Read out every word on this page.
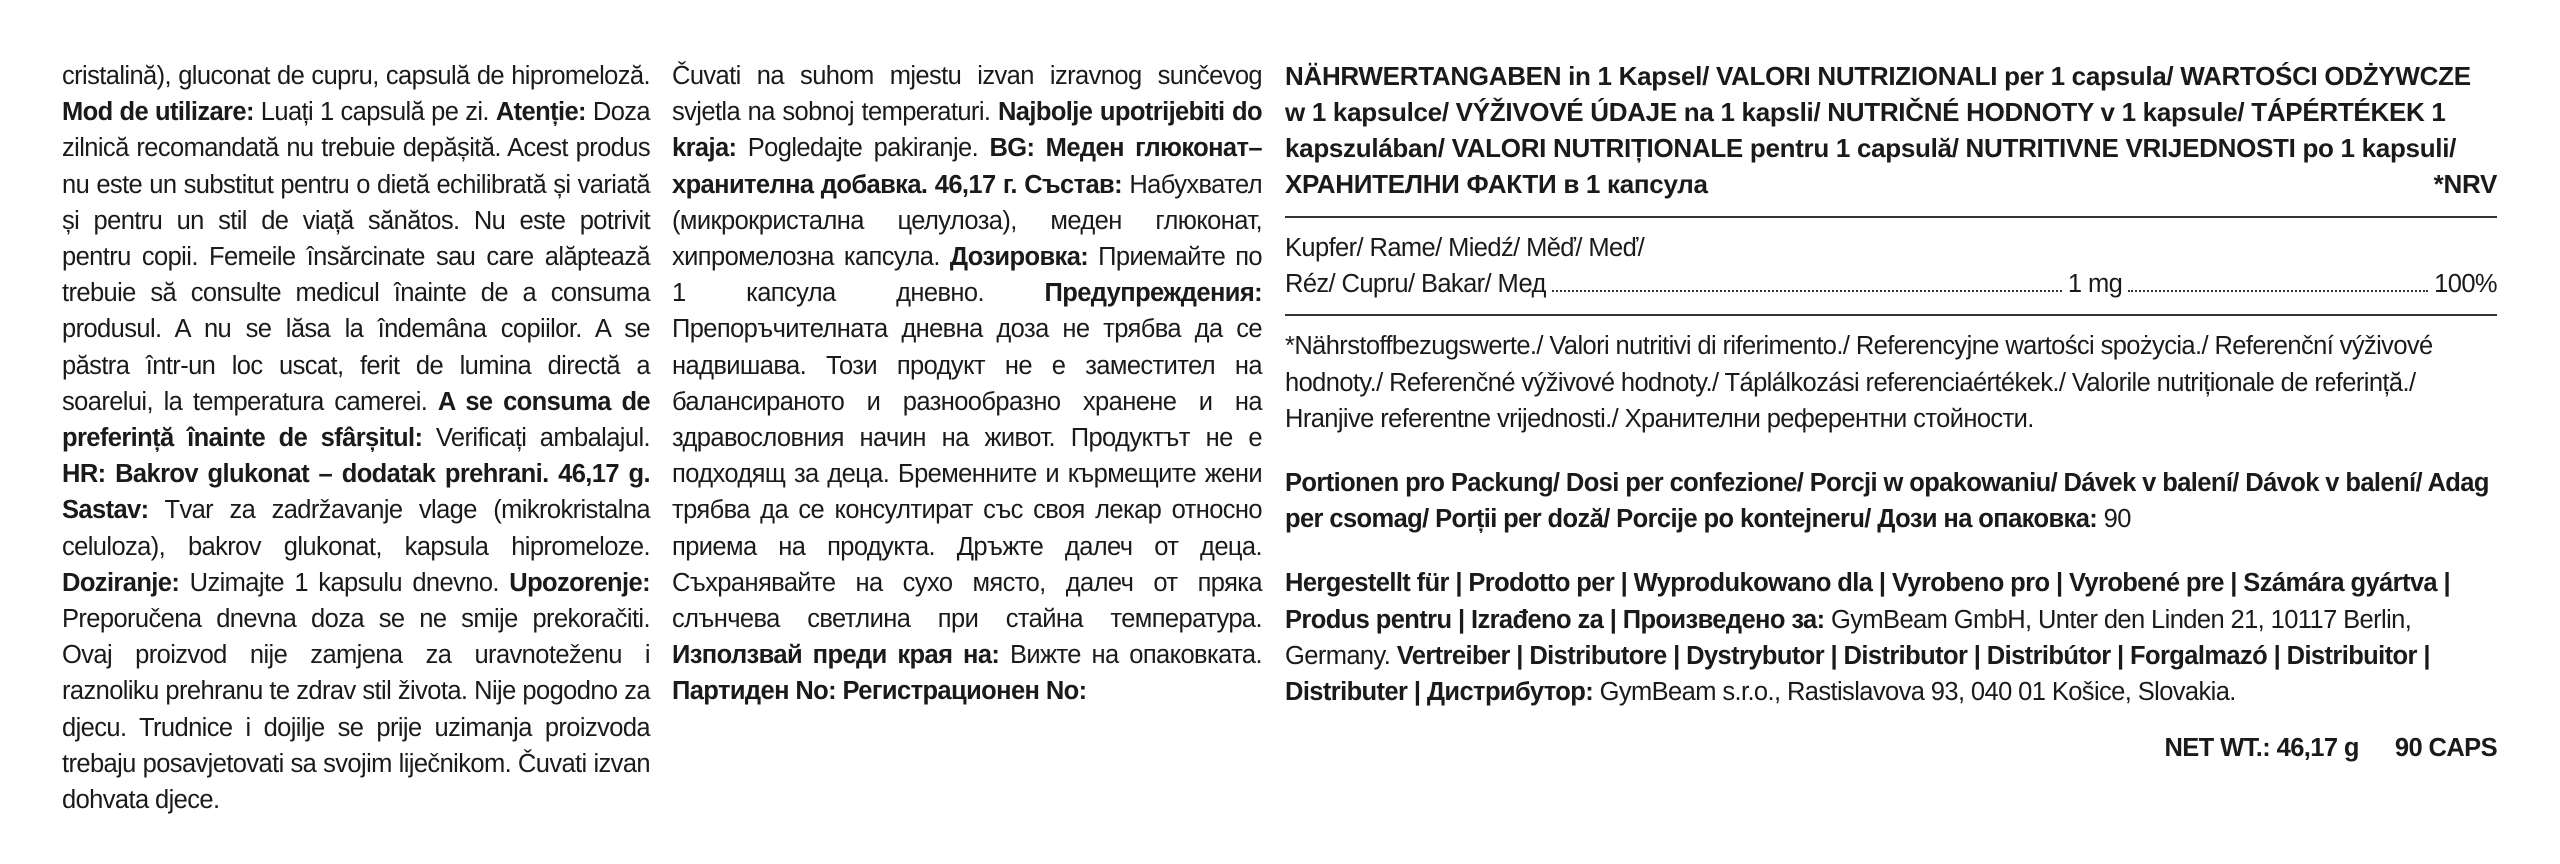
cristalină), gluconat de cupru, capsulă de hipromeloză. Mod de utilizare: Luați 1 capsulă pe zi. Atenție: Doza zilnică recomandată nu trebuie depășită. Acest produs nu este un substitut pentru o dietă echilibrată și variată și pentru un stil de viață sănătos. Nu este potrivit pentru copii. Femeile însărcinate sau care alăptează trebuie să consulte medicul înainte de a consuma produsul. A nu se lăsa la îndemâna copiilor. A se păstra într-un loc uscat, ferit de lumina directă a soarelui, la temperatura camerei. A se consuma de preferință înainte de sfârșitul: Verificați ambalajul. HR: Bakrov glukonat – dodatak prehrani. 46,17 g. Sastav: Tvar za zadržavanje vlage (mikrokristalna celuloza), bakrov glukonat, kapsula hipromeloze. Doziranje: Uzimajte 1 kapsulu dnevno. Upozorenje: Preporučena dnevna doza se ne smije prekoračiti. Ovaj proizvod nije zamjena za uravnoteženu i raznoliku prehranu te zdrav stil života. Nije pogodno za djecu. Trudnice i dojilje se prije uzimanja proizvoda trebaju posavjetovati sa svojim liječnikom. Čuvati izvan dohvata djece.
Čuvati na suhom mjestu izvan izravnog sunčevog svjetla na sobnoj temperaturi. Najbolje upotrijebiti do kraja: Pogledajte pakiranje. BG: Меден глюконат– хранителна добавка. 46,17 г. Състав: Набухвател (микрокристална целулоза), меден глюконат, хипромелозна капсула. Дозировка: Приемайте по 1 капсула дневно. Предупреждения: Препоръчителната дневна доза не трябва да се надвишава. Този продукт не е заместител на балансираното и разнообразно хранене и на здравословния начин на живот. Продуктът не е подходящ за деца. Бременните и кърмещите жени трябва да се консултират със своя лекар относно приема на продукта. Дръжте далеч от деца. Съхранявайте на сухо място, далеч от пряка слънчева светлина при стайна температура. Използвай преди края на: Вижте на опаковката. Партиден No: Регистрационен No:
NÄHRWERTANGABEN in 1 Kapsel/ VALORI NUTRIZIONALI per 1 capsula/ WARTOŚCI ODŻYWCZE w 1 kapsulce/ VÝŽIVOVÉ ÚDAJE na 1 kapsli/ NUTRIČNÉ HODNOTY v 1 kapsule/ TÁPÉRTÉKEK 1 kapszulában/ VALORI NUTRIȚIONALE pentru 1 capsulă/ NUTRITIVNE VRIJEDNOSTI po 1 kapsuli/ ХРАНИТЕЛНИ ФАКТИ в 1 капсула	*NRV
Kupfer/ Rame/ Miedź/ Měď/ Meď/
Réz/ Cupru/ Bakar/ Мед	1 mg	100%
*Nährstoffbezugswerte./ Valori nutritivi di riferimento./ Referencyjne wartości spożycia./ Referenční výživové hodnoty./ Referenčné výživové hodnoty./ Táplálkozási referenciaértékek./ Valorile nutriționale de referință./ Hranjive referentne vrijednosti./ Хранителни референтни стойности.
Portionen pro Packung/ Dosi per confezione/ Porcji w opakowaniu/ Dávek v balení/ Dávok v balení/ Adag per csomag/ Porții per doză/ Porcije po kontejneru/ Дози на опаковка: 90
Hergestellt für | Prodotto per | Wyprodukowano dla | Vyrobeno pro | Vyrobené pre | Számára gyártva | Produs pentru | Izrađeno za | Произведено за: GymBeam GmbH, Unter den Linden 21, 10117 Berlin, Germany. Vertreiber | Distributore | Dystrybutor | Distributor | Distribútor | Forgalmazó | Distribuitor | Distributer | Дистрибутор: GymBeam s.r.o., Rastislavova 93, 040 01 Košice, Slovakia.
NET WT.: 46,17 g 90 CAPS
